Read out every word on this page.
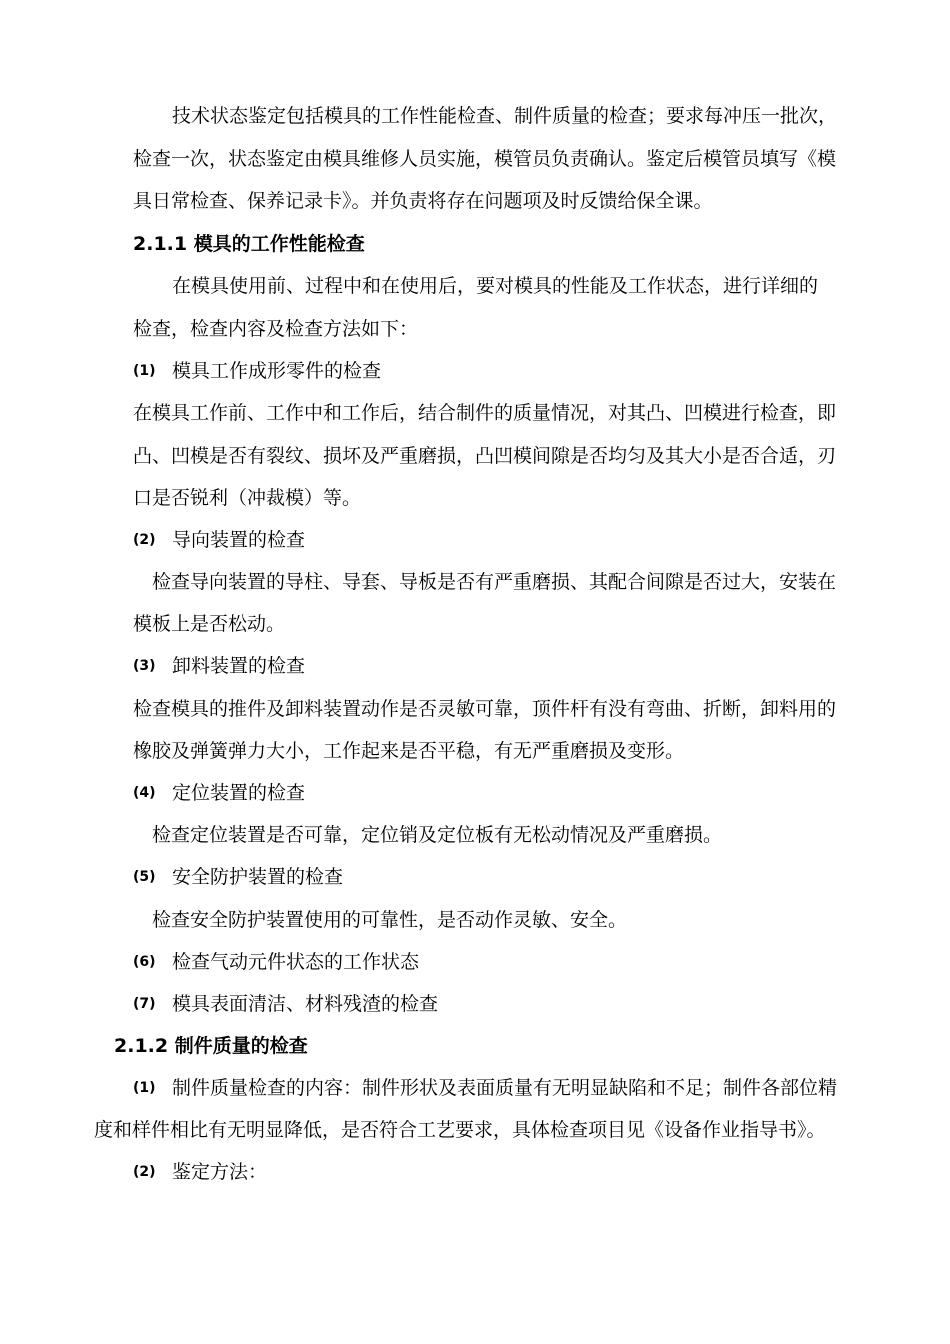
技术状态鉴定包括模具的工作性能检查、制件质量的检查；要求每冲压一批次，
检查一次，状态鉴定由模具维修人员实施，模管员负责确认。鉴定后模管员填写《模
具日常检查、保养记录卡》。并负责将存在问题项及时反馈给保全课。
2.1.1 模具的工作性能检查
在模具使用前、过程中和在使用后，要对模具的性能及工作状态，进行详细的
检查，检查内容及检查方法如下：
(1) 模具工作成形零件的检查
在模具工作前、工作中和工作后，结合制件的质量情况，对其凸、凹模进行检查，即
凸、凹模是否有裂纹、损坏及严重磨损，凸凹模间隙是否均匀及其大小是否合适，刃
口是否锐利（冲裁模）等。
(2) 导向装置的检查
检查导向装置的导柱、导套、导板是否有严重磨损、其配合间隙是否过大，安装在
模板上是否松动。
(3) 卸料装置的检查
检查模具的推件及卸料装置动作是否灵敏可靠，顶件杆有没有弯曲、折断，卸料用的
橡胶及弹簧弹力大小，工作起来是否平稳，有无严重磨损及变形。
(4) 定位装置的检查
检查定位装置是否可靠，定位销及定位板有无松动情况及严重磨损。
(5) 安全防护装置的检查
检查安全防护装置使用的可靠性，是否动作灵敏、安全。
(6) 检查气动元件状态的工作状态
(7) 模具表面清洁、材料残渣的检查
2.1.2 制件质量的检查
(1) 制件质量检查的内容：制件形状及表面质量有无明显缺陷和不足；制件各部位精
度和样件相比有无明显降低，是否符合工艺要求，具体检查项目见《设备作业指导书》。
(2) 鉴定方法：
